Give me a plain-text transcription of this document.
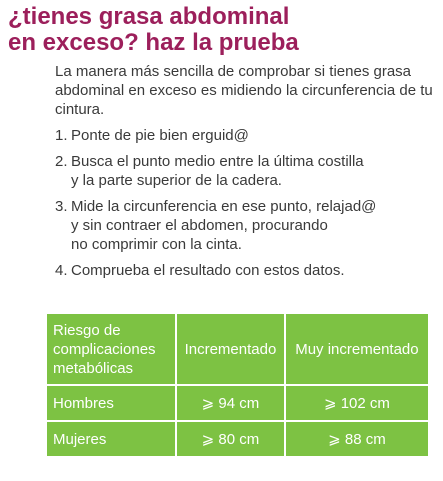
¿tienes grasa abdominal
en exceso? haz la prueba

La manera más sencilla de comprobar si tienes grasa abdominal en exceso es midiendo la circunferencia de tu cintura.

1. Ponte de pie bien erguid@
2. Busca el punto medio entre la última costilla
y la parte superior de la cadera.
3. Mide la circunferencia en ese punto, relajad@
y sin contraer el abdomen, procurando
no comprimir con la cinta.
4. Comprueba el resultado con estos datos.
Riesgo de
complicaciones
metabólicas	Incrementado	Muy incrementado
Hombres	⩾ 94 cm	⩾ 102 cm
Mujeres	⩾ 80 cm	⩾ 88 cm
